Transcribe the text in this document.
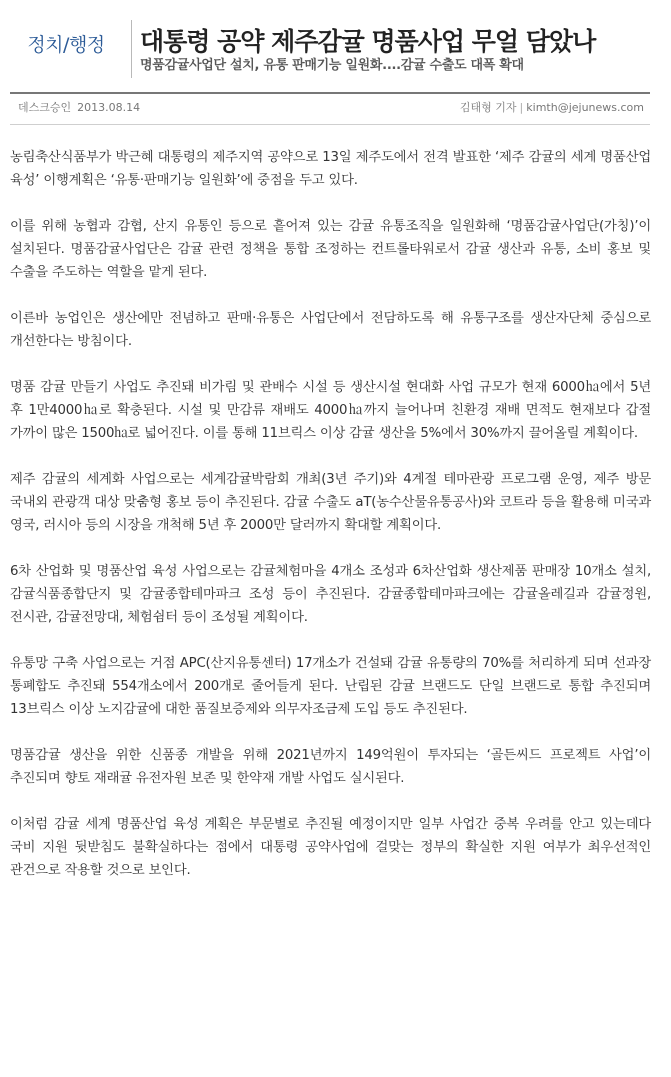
정치/행정	대통령 공약 제주감귤 명품사업 무얼 담았나
명품감귤사업단 설치, 유통 판매기능 일원화....감귤 수출도 대폭 확대
데스크승인 2013.08.14	김태형 기자 | kimth@jejunews.com

농림축산식품부가 박근혜 대통령의 제주지역 공약으로 13일 제주도에서 전격 발표한 ‘제주 감귤의 세계 명품산업 육성’ 이행계획은 ‘유통·판매기능 일원화’에 중점을 두고 있다.

이를 위해 농협과 감협, 산지 유통인 등으로 흩어져 있는 감귤 유통조직을 일원화해 ‘명품감귤사업단(가칭)’이 설치된다. 명품감귤사업단은 감귤 관련 정책을 통합 조정하는 컨트롤타워로서 감귤 생산과 유통, 소비 홍보 및 수출을 주도하는 역할을 맡게 된다.

이른바 농업인은 생산에만 전념하고 판매·유통은 사업단에서 전담하도록 해 유통구조를 생산자단체 중심으로 개선한다는 방침이다.

명품 감귤 만들기 사업도 추진돼 비가림 및 관배수 시설 등 생산시설 현대화 사업 규모가 현재 6000㏊에서 5년 후 1만4000㏊로 확충된다. 시설 및 만감류 재배도 4000㏊까지 늘어나며 친환경 재배 면적도 현재보다 갑절 가까이 많은 1500㏊로 넓어진다. 이를 통해 11브릭스 이상 감귤 생산을 5%에서 30%까지 끌어올릴 계획이다.

제주 감귤의 세계화 사업으로는 세계감귤박람회 개최(3년 주기)와 4계절 테마관광 프로그램 운영, 제주 방문 국내외 관광객 대상 맞춤형 홍보 등이 추진된다. 감귤 수출도 aT(농수산물유통공사)와 코트라 등을 활용해 미국과 영국, 러시아 등의 시장을 개척해 5년 후 2000만 달러까지 확대할 계획이다.

6차 산업화 및 명품산업 육성 사업으로는 감귤체험마을 4개소 조성과 6차산업화 생산제품 판매장 10개소 설치, 감귤식품종합단지 및 감귤종합테마파크 조성 등이 추진된다. 감귤종합테마파크에는 감귤올레길과 감귤정원, 전시관, 감귤전망대, 체험쉼터 등이 조성될 계획이다.

유통망 구축 사업으로는 거점 APC(산지유통센터) 17개소가 건설돼 감귤 유통량의 70%를 처리하게 되며 선과장 통폐합도 추진돼 554개소에서 200개로 줄어들게 된다. 난립된 감귤 브랜드도 단일 브랜드로 통합 추진되며 13브릭스 이상 노지감귤에 대한 품질보증제와 의무자조금제 도입 등도 추진된다.

명품감귤 생산을 위한 신품종 개발을 위해 2021년까지 149억원이 투자되는 ‘골든씨드 프로젝트 사업’이 추진되며 향토 재래귤 유전자원 보존 및 한약재 개발 사업도 실시된다.

이처럼 감귤 세계 명품산업 육성 계획은 부문별로 추진될 예정이지만 일부 사업간 중복 우려를 안고 있는데다 국비 지원 뒷받침도 불확실하다는 점에서 대통령 공약사업에 걸맞는 정부의 확실한 지원 여부가 최우선적인 관건으로 작용할 것으로 보인다.
